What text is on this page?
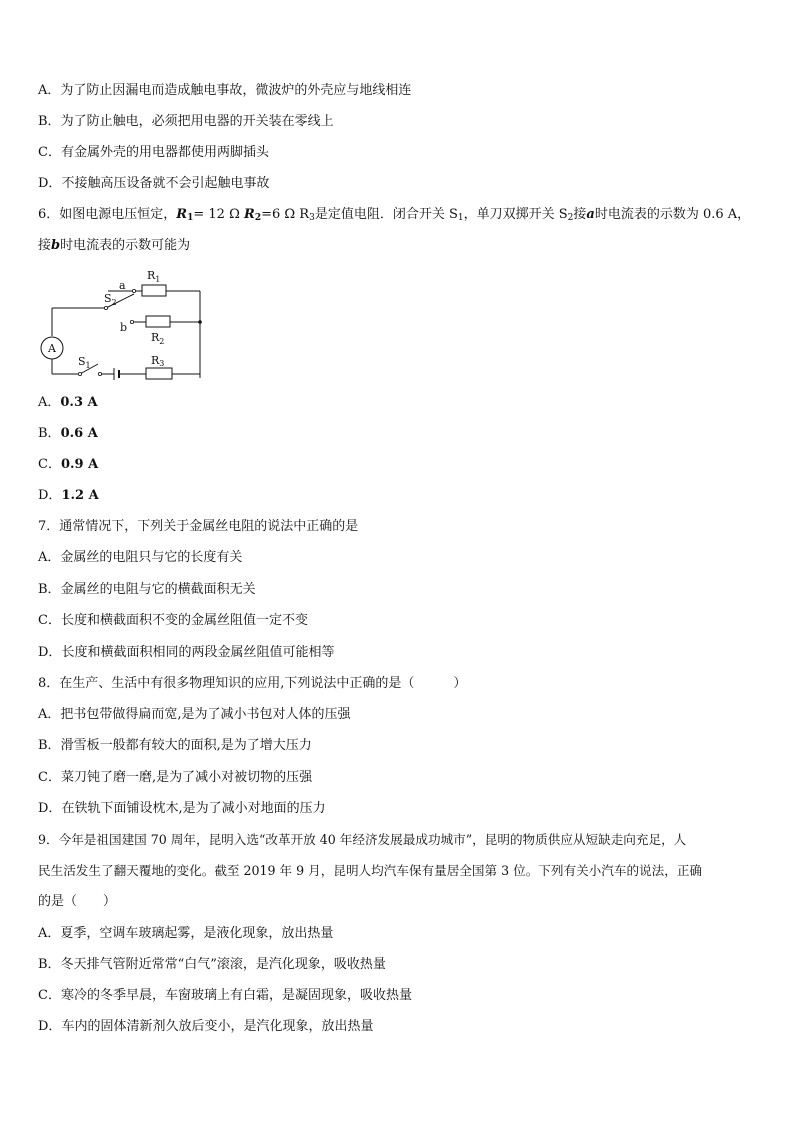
A．为了防止因漏电而造成触电事故，微波炉的外壳应与地线相连
B．为了防止触电，必须把用电器的开关装在零线上
C．有金属外壳的用电器都使用两脚插头
D．不接触高压设备就不会引起触电事故
6．如图电源电压恒定，$R_1= 12$ Ω $R_2=6$ Ω $R_3$是定值电阻．闭合开关 $S_1$，单刀双掷开关 $S_2$接a时电流表的示数为 0.6 A，
接b时电流表的示数可能为
$R_1$
$R_2$
R3
$S_2$
$S_1$
a
b
A
A．0.3 A
B．0.6 A
C．0.9 A
D．1.2 A
7．通常情况下，下列关于金属丝电阻的说法中正确的是
A．金属丝的电阻只与它的长度有关
B．金属丝的电阻与它的横截面积无关
C．长度和横截面积不变的金属丝阻值一定不变
D．长度和横截面积相同的两段金属丝阻值可能相等
8．在生产、生活中有很多物理知识的应用,下列说法中正确的是（　　　）
A．把书包带做得扁而宽,是为了减小书包对人体的压强
B．滑雪板一般都有较大的面积,是为了增大压力
C．菜刀钝了磨一磨,是为了减小对被切物的压强
D．在铁轨下面铺设枕木,是为了减小对地面的压力
9．今年是祖国建国 70 周年，昆明入选“改革开放 40 年经济发展最成功城市”，昆明的物质供应从短缺走向充足，人
民生活发生了翻天覆地的变化。截至 2019 年 9 月，昆明人均汽车保有量居全国第 3 位。下列有关小汽车的说法，正确
的是（　　）
A．夏季，空调车玻璃起雾，是液化现象，放出热量
B．冬天排气管附近常常“白气”滚滚，是汽化现象，吸收热量
C．寒冷的冬季早晨，车窗玻璃上有白霜，是凝固现象，吸收热量
D．车内的固体清新剂久放后变小，是汽化现象，放出热量
